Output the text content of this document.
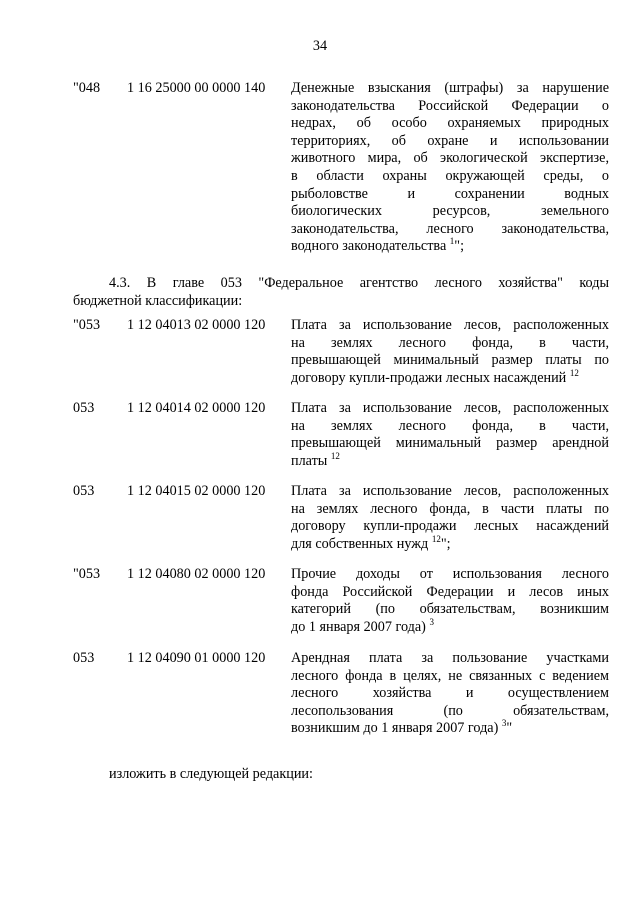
34
"048 1 16 25000 00 0000 140 Денежные взыскания (штрафы) за нарушение
законодательства Российской Федерации о
недрах, об особо охраняемых природных
территориях, об охране и использовании
животного мира, об экологической экспертизе,
в области охраны окружающей среды, о
рыболовстве и сохранении водных
биологических ресурсов, земельного
законодательства, лесного законодательства,
водного законодательства $^1$";
4.3. В главе 053 "Федеральное агентство лесного хозяйства" коды
бюджетной классификации:
"053 1 12 04013 02 0000 120 Плата за использование лесов, расположенных
на землях лесного фонда, в части,
превышающей минимальный размер платы по
договору купли-продажи лесных насаждений $^{12}$
053 1 12 04014 02 0000 120 Плата за использование лесов, расположенных
на землях лесного фонда, в части,
превышающей минимальный размер арендной
платы $^{12}$
053 1 12 04015 02 0000 120 Плата за использование лесов, расположенных
на землях лесного фонда, в части платы по
договору купли-продажи лесных насаждений
для собственных нужд $^{12}$";
"053 1 12 04080 02 0000 120 Прочие доходы от использования лесного
фонда Российской Федерации и лесов иных
категорий (по обязательствам, возникшим
до 1 января 2007 года) $^3$
053 1 12 04090 01 0000 120 Арендная плата за пользование участками
лесного фонда в целях, не связанных с ведением
лесного хозяйства и осуществлением
лесопользования (по обязательствам,
возникшим до 1 января 2007 года) $^3$"
изложить в следующей редакции:
